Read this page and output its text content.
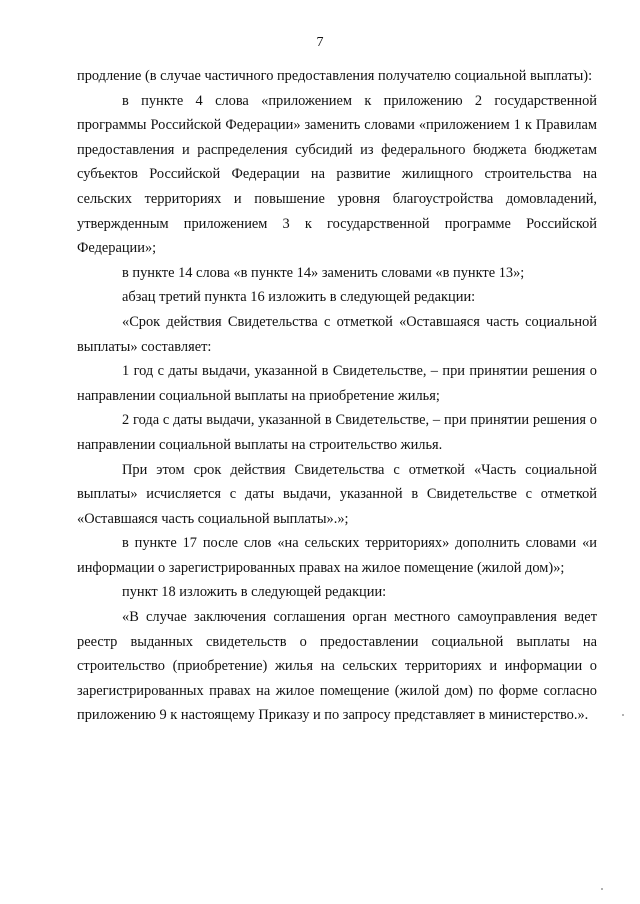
7

продление (в случае частичного предоставления получателю социальной выплаты):

в пункте 4 слова «приложением к приложению 2 государственной программы Российской Федерации» заменить словами «приложением 1 к Правилам предоставления и распределения субсидий из федерального бюджета бюджетам субъектов Российской Федерации на развитие жилищного строительства на сельских территориях и повышение уровня благоустройства домовладений, утвержденным приложением 3 к государственной программе Российской Федерации»;

в пункте 14 слова «в пункте 14» заменить словами «в пункте 13»;

абзац третий пункта 16 изложить в следующей редакции:

«Срок действия Свидетельства с отметкой «Оставшаяся часть социальной выплаты» составляет:

1 год с даты выдачи, указанной в Свидетельстве, – при принятии решения о направлении социальной выплаты на приобретение жилья;

2 года с даты выдачи, указанной в Свидетельстве, – при принятии решения о направлении социальной выплаты на строительство жилья.

При этом срок действия Свидетельства с отметкой «Часть социальной выплаты» исчисляется с даты выдачи, указанной в Свидетельстве с отметкой «Оставшаяся часть социальной выплаты».»;

в пункте 17 после слов «на сельских территориях» дополнить словами «и информации о зарегистрированных правах на жилое помещение (жилой дом)»;

пункт 18 изложить в следующей редакции:

«В случае заключения соглашения орган местного самоуправления ведет реестр выданных свидетельств о предоставлении социальной выплаты на строительство (приобретение) жилья на сельских территориях и информации о зарегистрированных правах на жилое помещение (жилой дом) по форме согласно приложению 9 к настоящему Приказу и по запросу представляет в министерство.».
